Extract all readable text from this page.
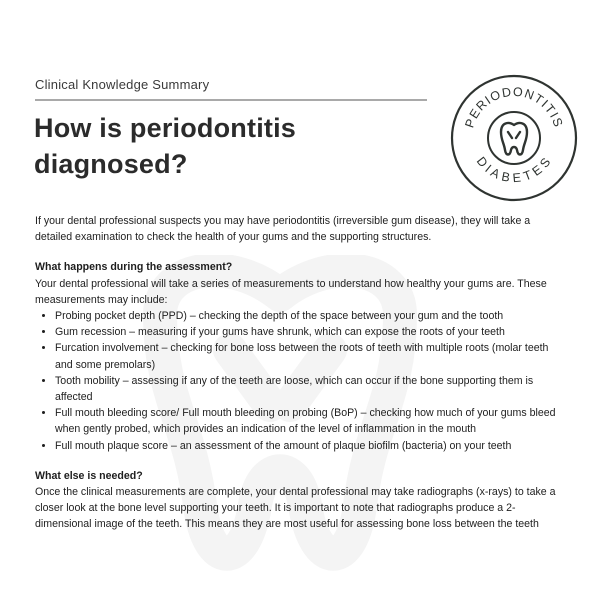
Clinical Knowledge Summary
How is periodontitis diagnosed?
PERIODONTITIS
DIABETES

If your dental professional suspects you may have periodontitis (irreversible gum disease), they will take a detailed examination to check the health of your gums and the supporting structures.

What happens during the assessment?

Your dental professional will take a series of measurements to understand how healthy your gums are. These measurements may include:

• Probing pocket depth (PPD) – checking the depth of the space between your gum and the tooth
• Gum recession – measuring if your gums have shrunk, which can expose the roots of your teeth
• Furcation involvement – checking for bone loss between the roots of teeth with multiple roots (molar teeth and some premolars)
• Tooth mobility – assessing if any of the teeth are loose, which can occur if the bone supporting them is affected
• Full mouth bleeding score/ Full mouth bleeding on probing (BoP) – checking how much of your gums bleed when gently probed, which provides an indication of the level of inflammation in the mouth
• Full mouth plaque score – an assessment of the amount of plaque biofilm (bacteria) on your teeth
What else is needed?

Once the clinical measurements are complete, your dental professional may take radiographs (x-rays) to take a closer look at the bone level supporting your teeth. It is important to note that radiographs produce a 2-dimensional image of the teeth. This means they are most useful for assessing bone loss between the teeth
